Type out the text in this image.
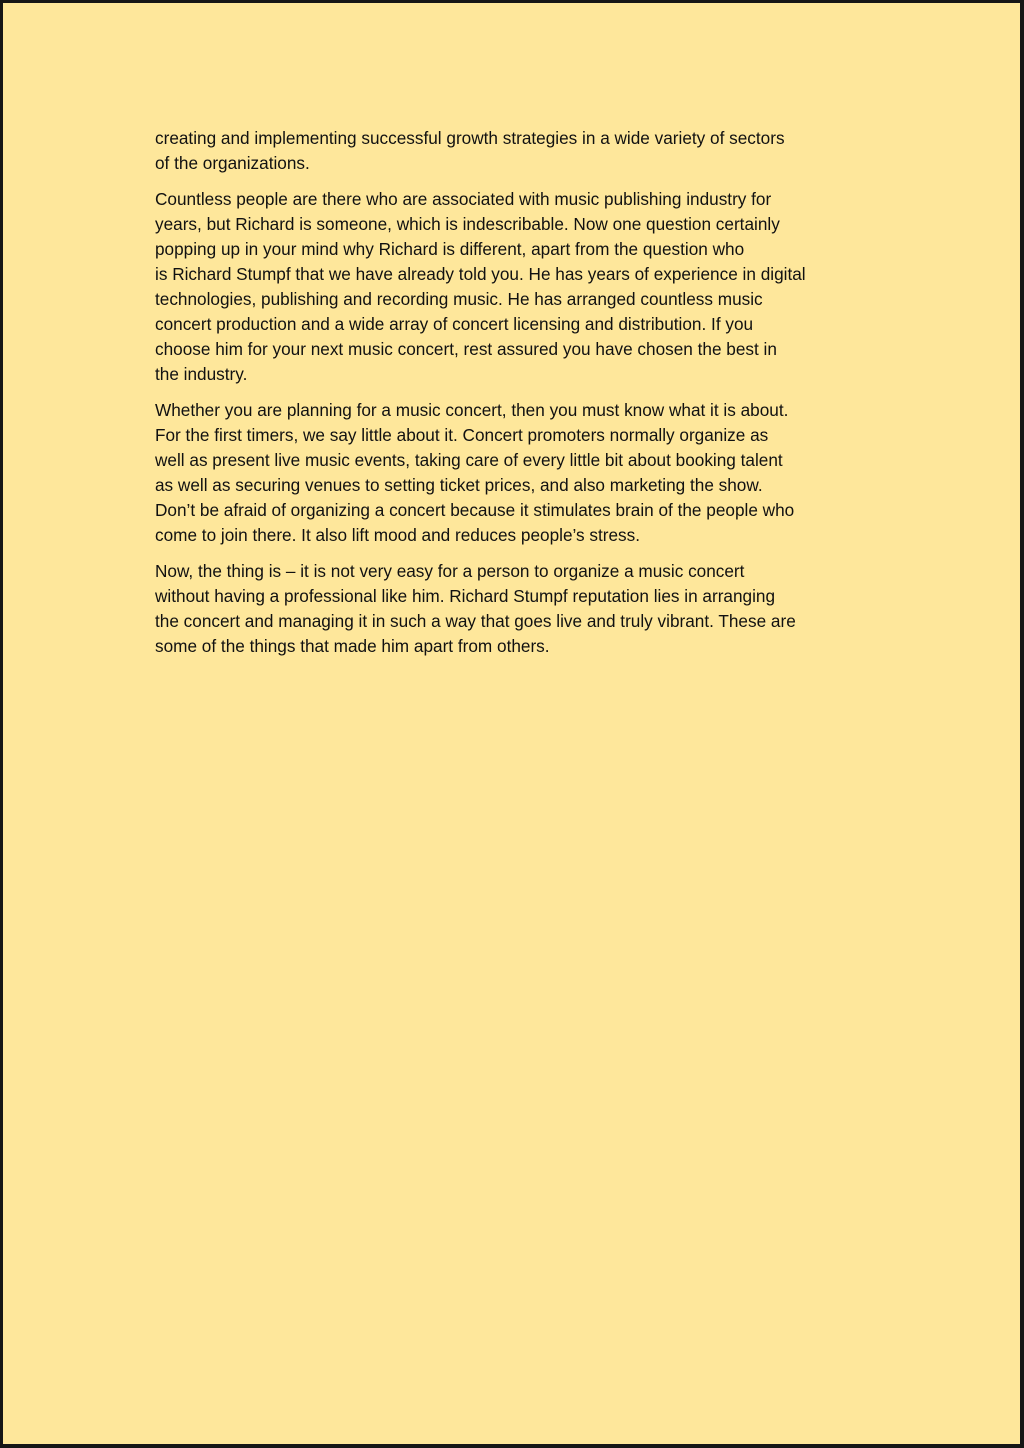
creating and implementing successful growth strategies in a wide variety of sectors
of the organizations.

Countless people are there who are associated with music publishing industry for
years, but Richard is someone, which is indescribable. Now one question certainly
popping up in your mind why Richard is different, apart from the question who
is Richard Stumpf that we have already told you. He has years of experience in digital
technologies, publishing and recording music. He has arranged countless music
concert production and a wide array of concert licensing and distribution. If you
choose him for your next music concert, rest assured you have chosen the best in
the industry.

Whether you are planning for a music concert, then you must know what it is about.
For the first timers, we say little about it. Concert promoters normally organize as
well as present live music events, taking care of every little bit about booking talent
as well as securing venues to setting ticket prices, and also marketing the show.
Don’t be afraid of organizing a concert because it stimulates brain of the people who
come to join there. It also lift mood and reduces people’s stress.

Now, the thing is – it is not very easy for a person to organize a music concert
without having a professional like him. Richard Stumpf reputation lies in arranging
the concert and managing it in such a way that goes live and truly vibrant. These are
some of the things that made him apart from others.
